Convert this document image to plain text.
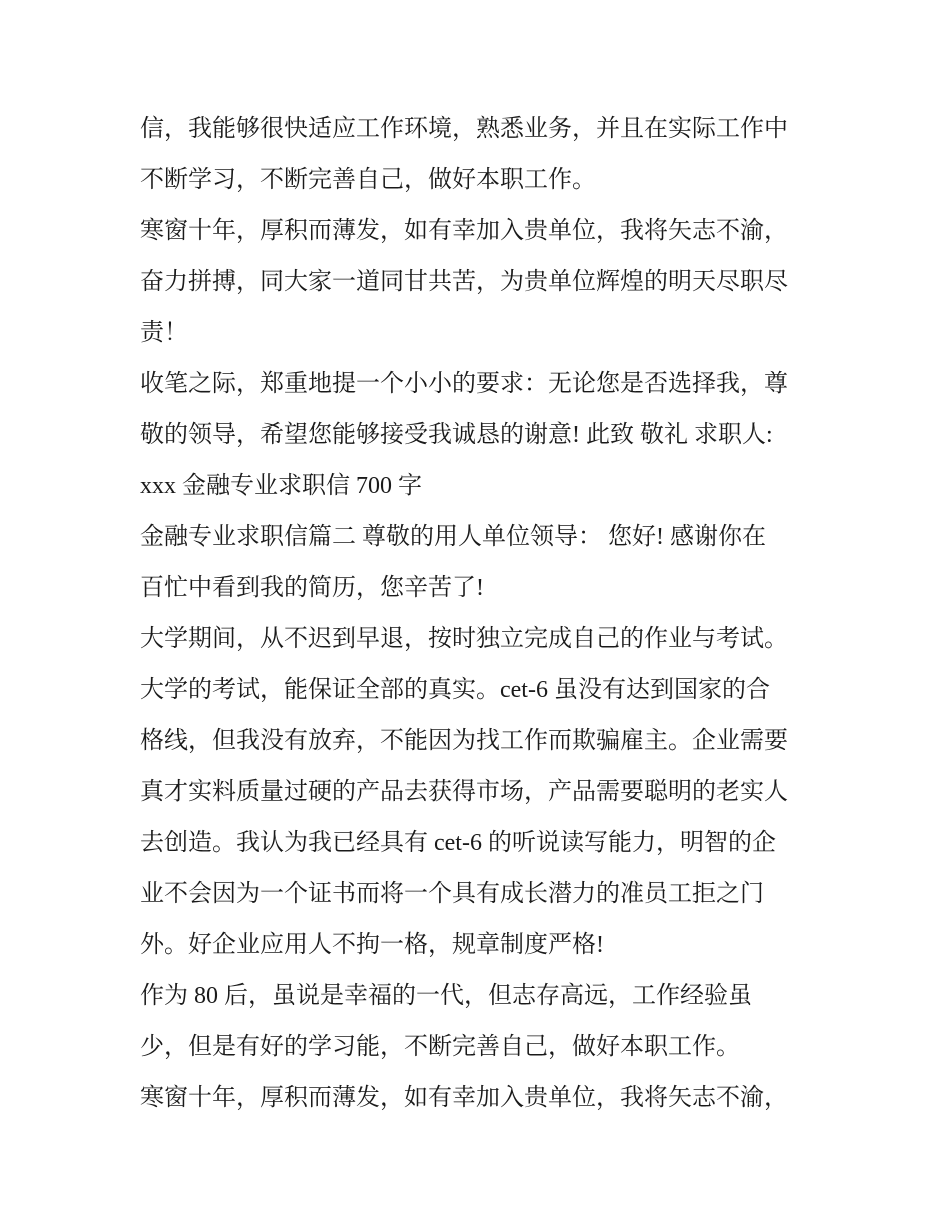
信，我能够很快适应工作环境，熟悉业务，并且在实际工作中
不断学习，不断完善自己，做好本职工作。
寒窗十年，厚积而薄发，如有幸加入贵单位，我将矢志不渝，
奋力拼搏，同大家一道同甘共苦，为贵单位辉煌的明天尽职尽
责！
收笔之际，郑重地提一个小小的要求：无论您是否选择我，尊
敬的领导，希望您能够接受我诚恳的谢意! 此致 敬礼 求职人:
xxx 金融专业求职信 700 字
金融专业求职信篇二 尊敬的用人单位领导： 您好! 感谢你在
百忙中看到我的简历，您辛苦了!
大学期间，从不迟到早退，按时独立完成自己的作业与考试。
大学的考试，能保证全部的真实。cet-6 虽没有达到国家的合
格线，但我没有放弃，不能因为找工作而欺骗雇主。企业需要
真才实料质量过硬的产品去获得市场，产品需要聪明的老实人
去创造。我认为我已经具有 cet-6 的听说读写能力，明智的企
业不会因为一个证书而将一个具有成长潜力的准员工拒之门
外。好企业应用人不拘一格，规章制度严格!
作为 80 后，虽说是幸福的一代，但志存高远，工作经验虽
少，但是有好的学习能，不断完善自己，做好本职工作。
寒窗十年，厚积而薄发，如有幸加入贵单位，我将矢志不渝，
